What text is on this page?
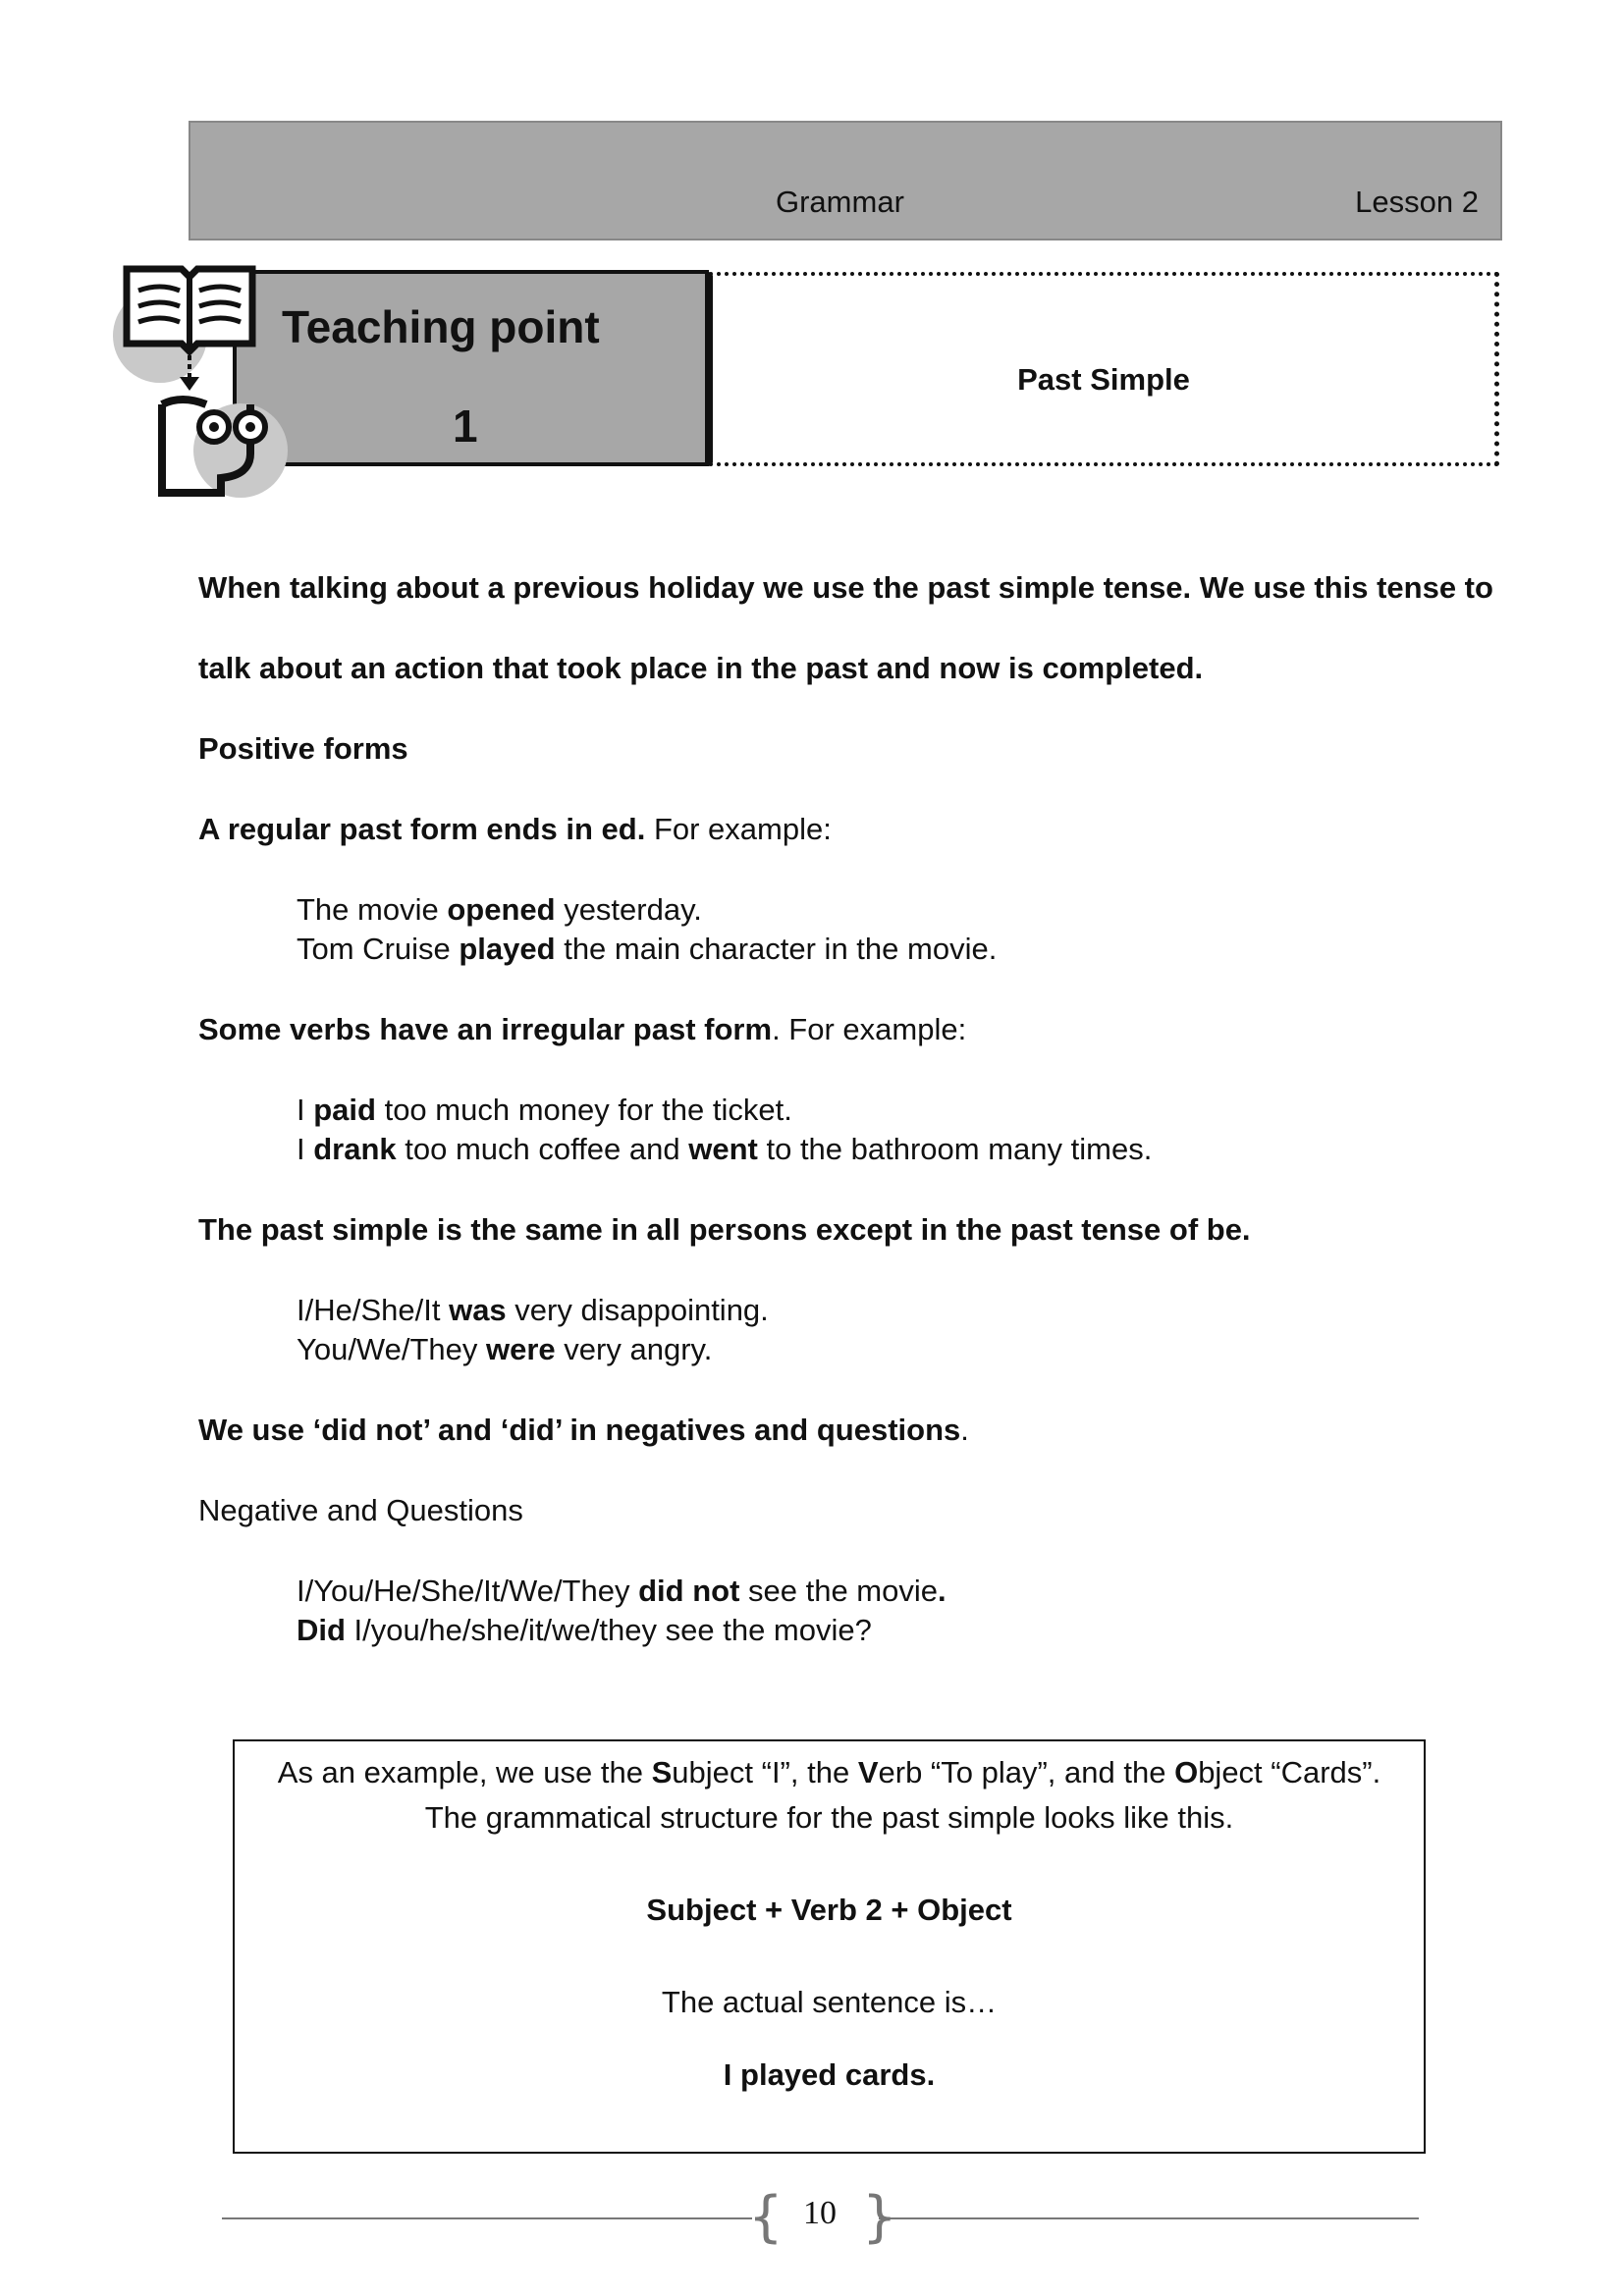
Grammar	Lesson 2
Teaching point
1
Past Simple
When talking about a previous holiday we use the past simple tense. We use this tense to
talk about an action that took place in the past and now is completed.
Positive forms
A regular past form ends in ed. For example:
The movie opened yesterday.
Tom Cruise played the main character in the movie.
Some verbs have an irregular past form. For example:
I paid too much money for the ticket.
I drank too much coffee and went to the bathroom many times.
The past simple is the same in all persons except in the past tense of be.
I/He/She/It was very disappointing.
You/We/They were very angry.
We use ‘did not’ and ‘did’ in negatives and questions.
Negative and Questions
I/You/He/She/It/We/They did not see the movie.
Did I/you/he/she/it/we/they see the movie?
As an example, we use the Subject “I”, the Verb “To play”, and the Object “Cards”.
The grammatical structure for the past simple looks like this.
Subject + Verb 2 + Object
The actual sentence is…
I played cards.
{ }
10
